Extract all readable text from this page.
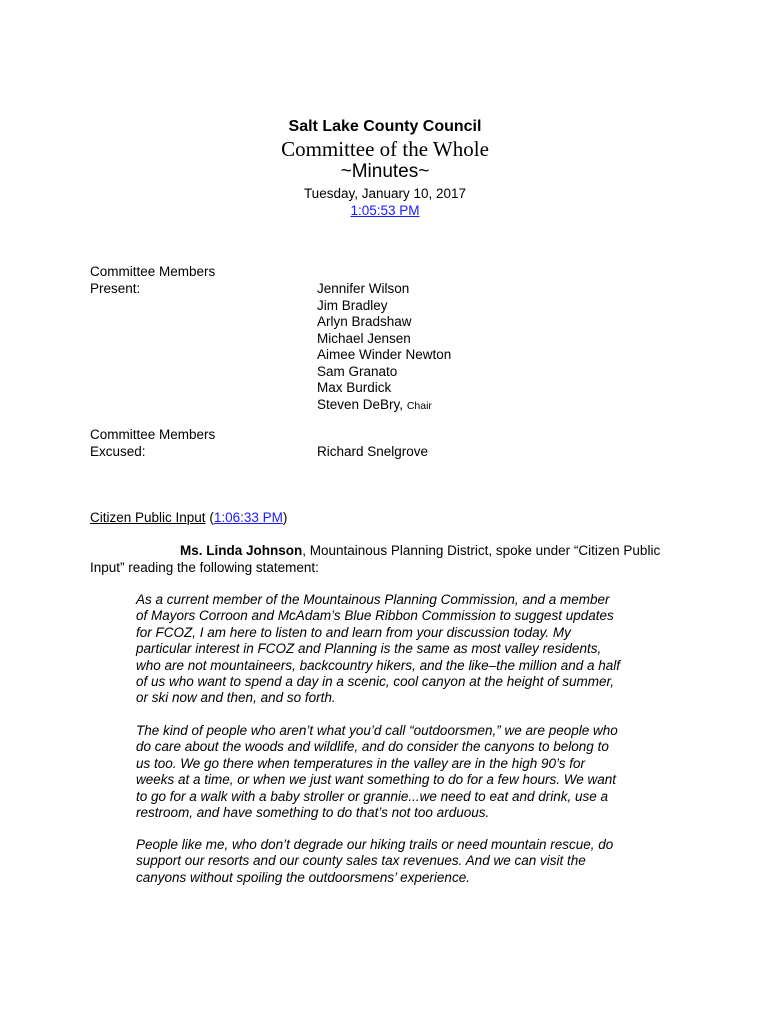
Salt Lake County Council
Committee of the Whole
~Minutes~
Tuesday, January 10, 2017
1:05:53 PM
Committee Members
Present:	Jennifer Wilson
Jim Bradley
Arlyn Bradshaw
Michael Jensen
Aimee Winder Newton
Sam Granato
Max Burdick
Steven DeBry, Chair
Committee Members
Excused:	Richard Snelgrove
Citizen Public Input (1:06:33 PM)
Ms. Linda Johnson, Mountainous Planning District, spoke under “Citizen Public Input” reading the following statement:
As a current member of the Mountainous Planning Commission, and a member
of Mayors Corroon and McAdam’s Blue Ribbon Commission to suggest updates
for FCOZ, I am here to listen to and learn from your discussion today. My
particular interest in FCOZ and Planning is the same as most valley residents,
who are not mountaineers, backcountry hikers, and the like–the million and a half
of us who want to spend a day in a scenic, cool canyon at the height of summer,
or ski now and then, and so forth.
The kind of people who aren’t what you’d call “outdoorsmen,” we are people who
do care about the woods and wildlife, and do consider the canyons to belong to
us too. We go there when temperatures in the valley are in the high 90’s for
weeks at a time, or when we just want something to do for a few hours. We want
to go for a walk with a baby stroller or grannie...we need to eat and drink, use a
restroom, and have something to do that’s not too arduous.
People like me, who don’t degrade our hiking trails or need mountain rescue, do
support our resorts and our county sales tax revenues. And we can visit the
canyons without spoiling the outdoorsmens’ experience.
